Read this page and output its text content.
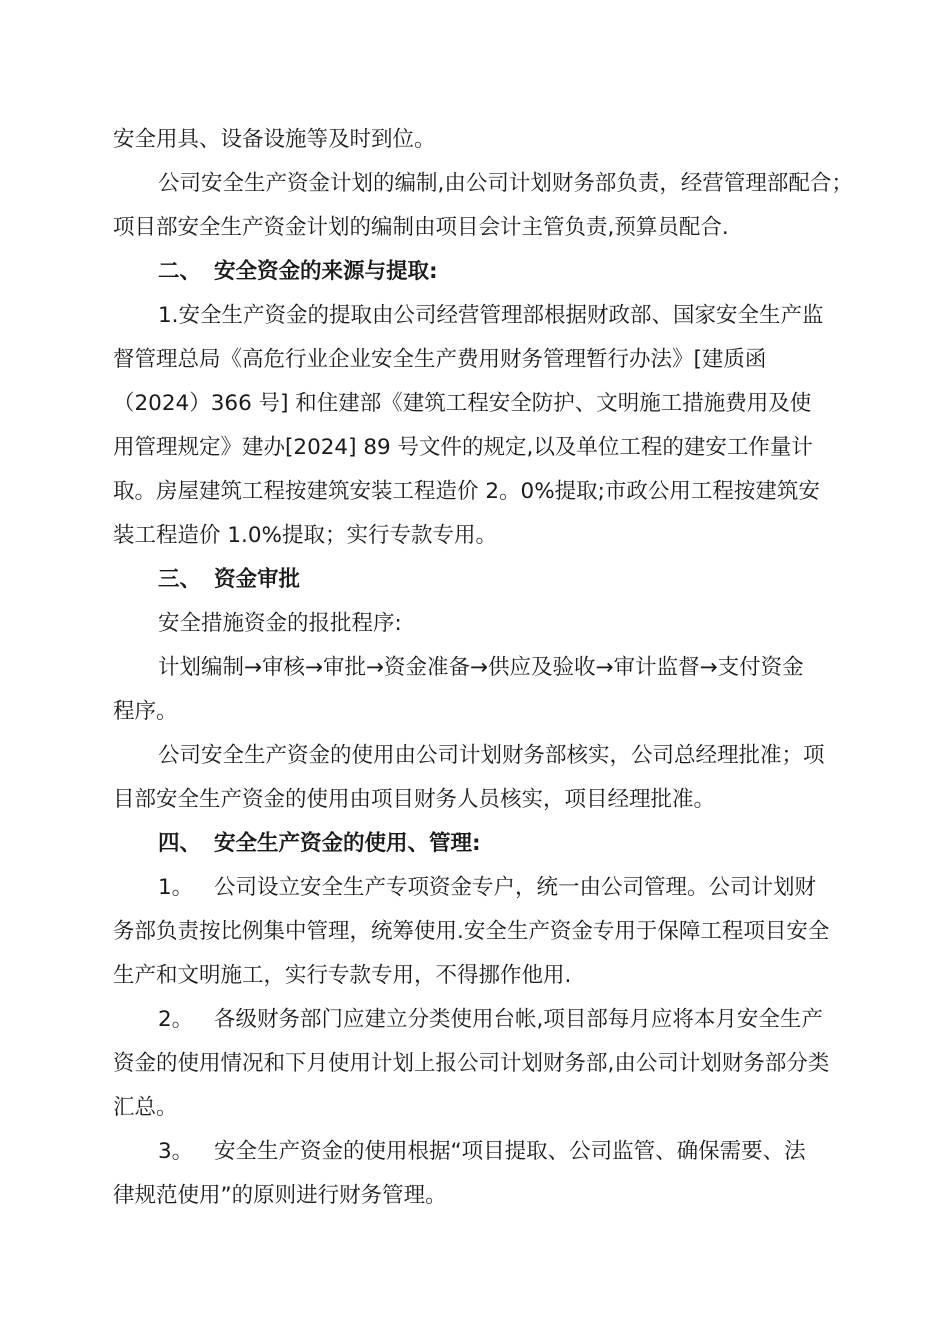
安全用具、设备设施等及时到位。

公司安全生产资金计划的编制,由公司计划财务部负责，经营管理部配合；

项目部安全生产资金计划的编制由项目会计主管负责,预算员配合.

二、 安全资金的来源与提取:

1.安全生产资金的提取由公司经营管理部根据财政部、国家安全生产监

督管理总局《高危行业企业安全生产费用财务管理暂行办法》[建质函

（2024）366 号] 和住建部《建筑工程安全防护、文明施工措施费用及使

用管理规定》建办[2024] 89 号文件的规定,以及单位工程的建安工作量计

取。房屋建筑工程按建筑安装工程造价 2。0%提取;市政公用工程按建筑安

装工程造价 1.0%提取；实行专款专用。

三、 资金审批

安全措施资金的报批程序:

计划编制→审核→审批→资金准备→供应及验收→审计监督→支付资金

程序。

公司安全生产资金的使用由公司计划财务部核实，公司总经理批准；项

目部安全生产资金的使用由项目财务人员核实，项目经理批准。

四、 安全生产资金的使用、管理:

1。 公司设立安全生产专项资金专户，统一由公司管理。公司计划财

务部负责按比例集中管理，统筹使用.安全生产资金专用于保障工程项目安全

生产和文明施工，实行专款专用，不得挪作他用.

2。 各级财务部门应建立分类使用台帐,项目部每月应将本月安全生产

资金的使用情况和下月使用计划上报公司计划财务部,由公司计划财务部分类

汇总。

3。 安全生产资金的使用根据“项目提取、公司监管、确保需要、法

律规范使用”的原则进行财务管理。
